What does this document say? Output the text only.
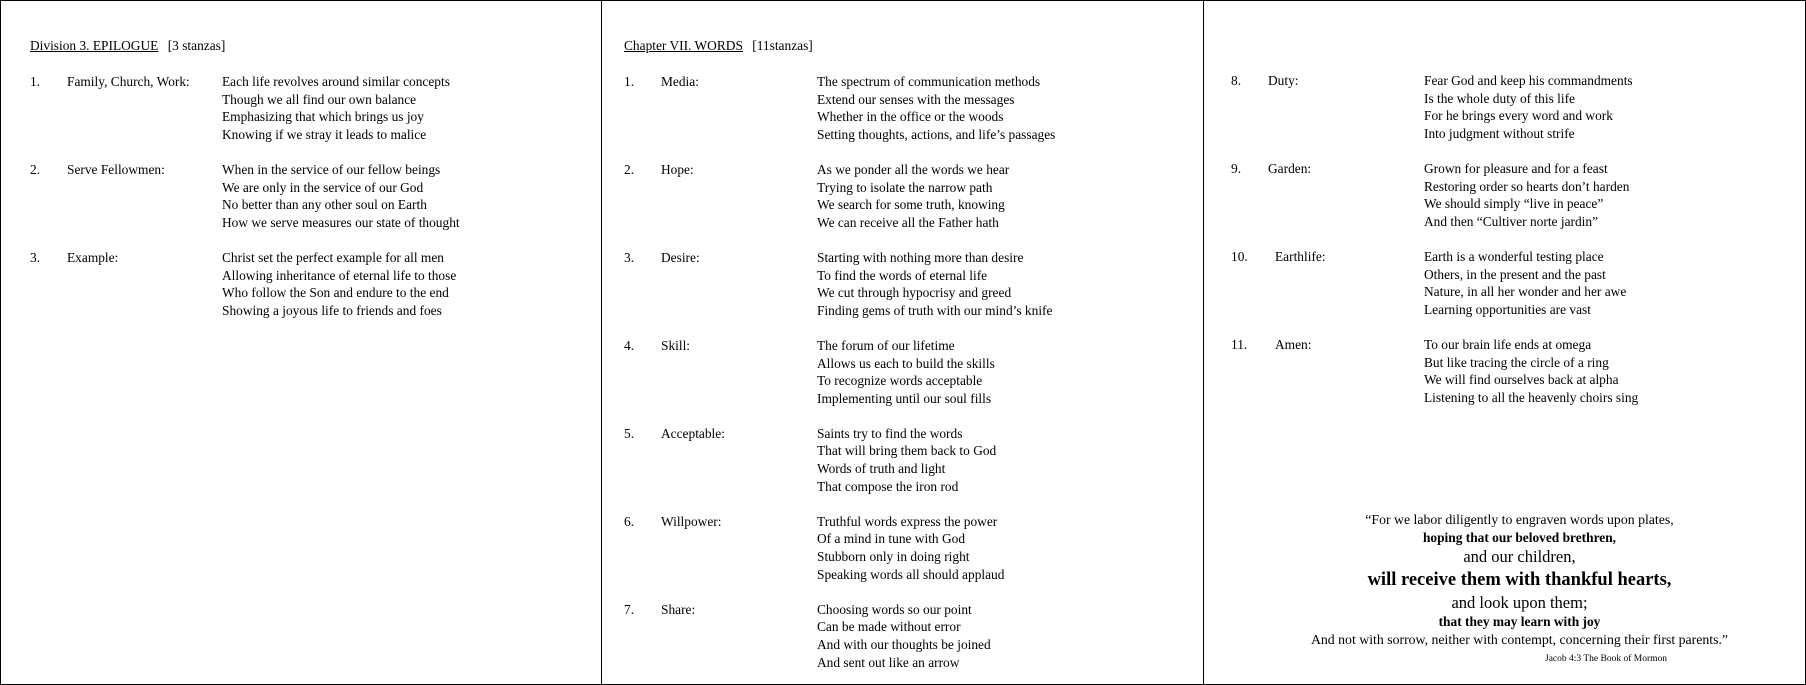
Division 3. EPILOGUE [3 stanzas]
1.	Family, Church, Work:	Each life revolves around similar concepts
Though we all find our own balance
Emphasizing that which brings us joy
Knowing if we stray it leads to malice
2.	Serve Fellowmen:	When in the service of our fellow beings
We are only in the service of our God
No better than any other soul on Earth
How we serve measures our state of thought
3.	Example:	Christ set the perfect example for all men
Allowing inheritance of eternal life to those
Who follow the Son and endure to the end
Showing a joyous life to friends and foes
Chapter VII. WORDS [11stanzas]
1.	Media:	The spectrum of communication methods
Extend our senses with the messages
Whether in the office or the woods
Setting thoughts, actions, and life’s passages
2.	Hope:	As we ponder all the words we hear
Trying to isolate the narrow path
We search for some truth, knowing
We can receive all the Father hath
3.	Desire:	Starting with nothing more than desire
To find the words of eternal life
We cut through hypocrisy and greed
Finding gems of truth with our mind’s knife
4.	Skill:	The forum of our lifetime
Allows us each to build the skills
To recognize words acceptable
Implementing until our soul fills
5.	Acceptable:	Saints try to find the words
That will bring them back to God
Words of truth and light
That compose the iron rod
6.	Willpower:	Truthful words express the power
Of a mind in tune with God
Stubborn only in doing right
Speaking words all should applaud
7.	Share:	Choosing words so our point
Can be made without error
And with our thoughts be joined
And sent out like an arrow
8.	Duty:	Fear God and keep his commandments
Is the whole duty of this life
For he brings every word and work
Into judgment without strife
9.	Garden:	Grown for pleasure and for a feast
Restoring order so hearts don’t harden
We should simply “live in peace”
And then “Cultiver norte jardin”
10.	Earthlife:	Earth is a wonderful testing place
Others, in the present and the past
Nature, in all her wonder and her awe
Learning opportunities are vast
11.	Amen:	To our brain life ends at omega
But like tracing the circle of a ring
We will find ourselves back at alpha
Listening to all the heavenly choirs sing
“For we labor diligently to engraven words upon plates,
hoping that our beloved brethren,
and our children,
will receive them with thankful hearts,
and look upon them;
that they may learn with joy
And not with sorrow, neither with contempt, concerning their first parents.”
Jacob 4:3 The Book of Mormon
